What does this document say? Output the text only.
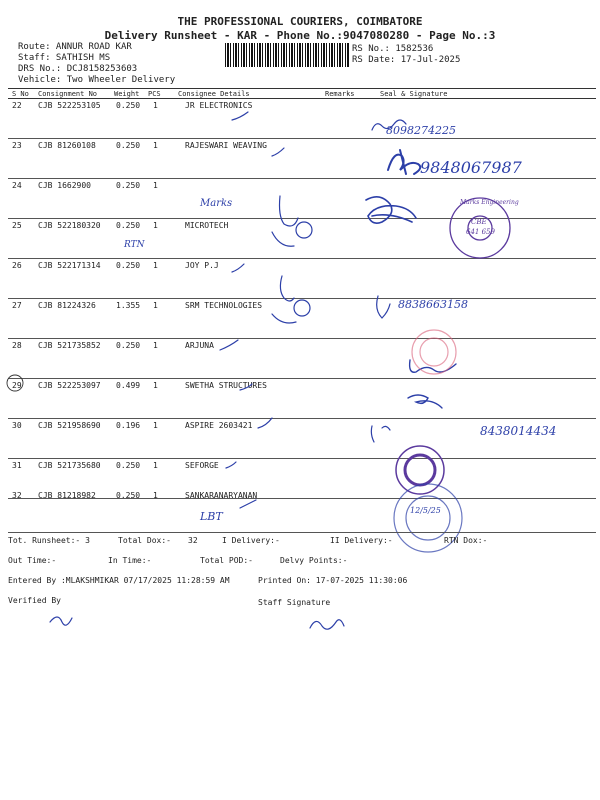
THE PROFESSIONAL COURIERS, COIMBATORE
Delivery Runsheet - KAR - Phone No.:9047080280 - Page No.:3
Route: ANNUR ROAD KAR
Staff: SATHISH MS
DRS No.: DCJ8158253603
Vehicle: Two Wheeler Delivery
RS No.: 1582536
RS Date: 17-Jul-2025
S No Consignment No Weight PCS Consignee Details	Remarks	Seal & Signature
22 CJB 522253105 0.250 1	JR ELECTRONICS
23 CJB 81260108	0.250 1	RAJESWARI WEAVING
24 CJB 1662900	0.250 1
25 CJB 522180320 0.250 1	MICROTECH
26 CJB 522171314 0.250 1	JOY P.J
27 CJB 81224326	1.355 1	SRM TECHNOLOGIES
28 CJB 521735852 0.250 1	ARJUNA
29 CJB 522253097 0.499 1	SWETHA STRUCTURES
30 CJB 521958690 0.196 1	ASPIRE 2603421
31 CJB 521735680 0.250 1	SEFORGE
32 CJB 81218982	0.250 1	SANKARANARYANAN
8098274225
9848067987
Marks
RTN
Marks Engineering
CBE
641 659
8838663158
8438014434
LBT	12/5/25
Tot. Runsheet:- 3	Total Dox:- 32	I Delivery:-	II Delivery:-	RTN Dox:-
Out Time:-	In Time:-	Total POD:-	Delvy Points:-
Entered By :MLAKSHMIKAR 07/17/2025 11:28:59 AM	Printed On: 17-07-2025 11:30:06
Verified By	Staff Signature
